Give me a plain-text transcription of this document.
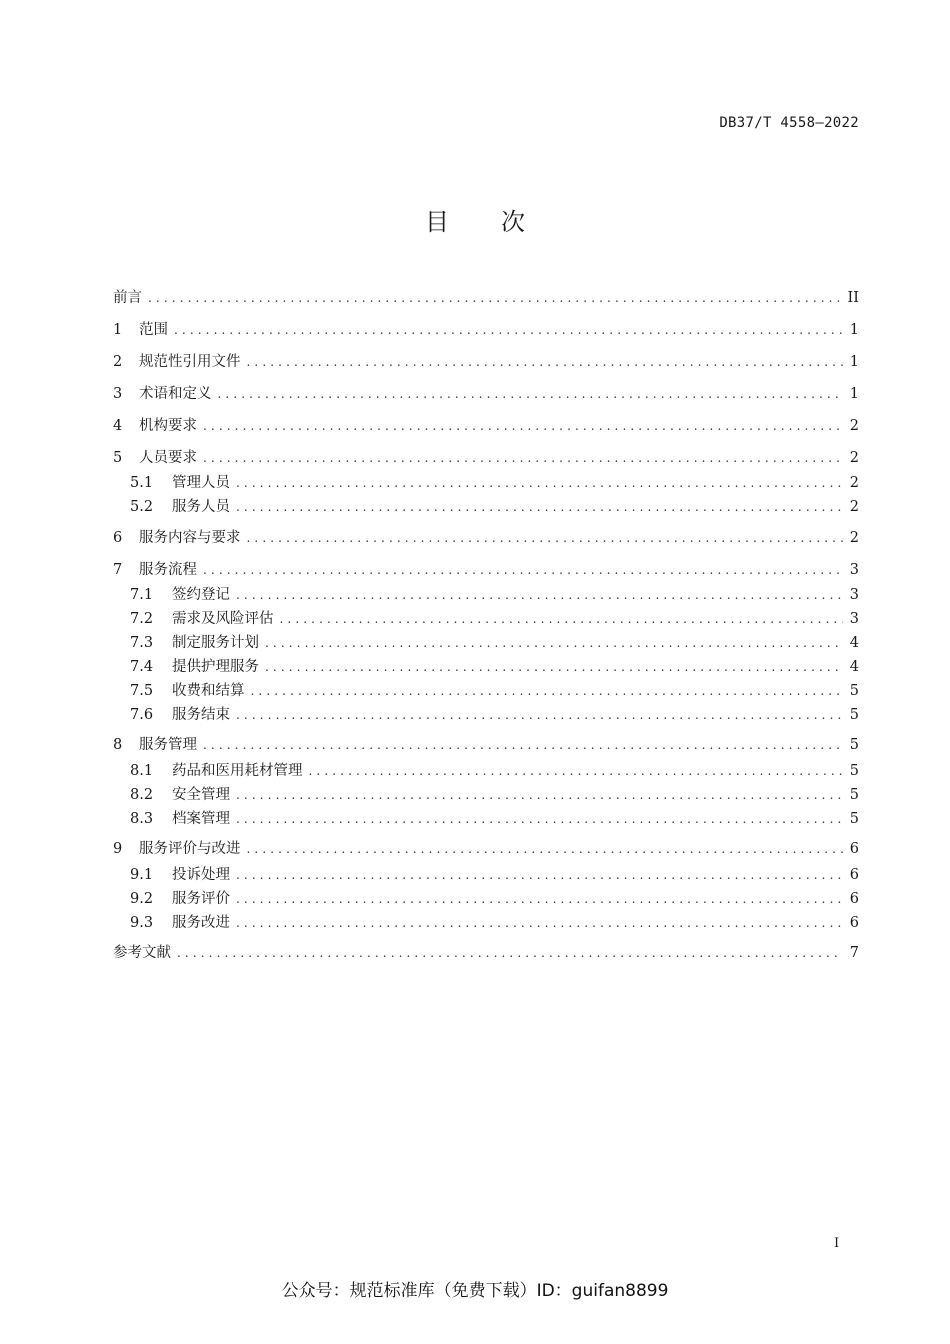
DB37/T 4558—2022
目 次
前言 .....	II
1	范围 .....	1
2	规范性引用文件 .....	1
3	术语和定义 .....	1
4	机构要求 .....	2
5	人员要求 .....	2
5.1	管理人员 .....	2
5.2	服务人员 .....	2
6	服务内容与要求 .....	2
7	服务流程 .....	3
7.1	签约登记 .....	3
7.2	需求及风险评估 .....	3
7.3	制定服务计划 .....	4
7.4	提供护理服务 .....	4
7.5	收费和结算 .....	5
7.6	服务结束 .....	5
8	服务管理 .....	5
8.1	药品和医用耗材管理 .....	5
8.2	安全管理 .....	5
8.3	档案管理 .....	5
9	服务评价与改进 .....	6
9.1	投诉处理 .....	6
9.2	服务评价 .....	6
9.3	服务改进 .....	6
参考文献 .....	7
I
公众号：规范标准库（免费下载）ID：guifan8899
